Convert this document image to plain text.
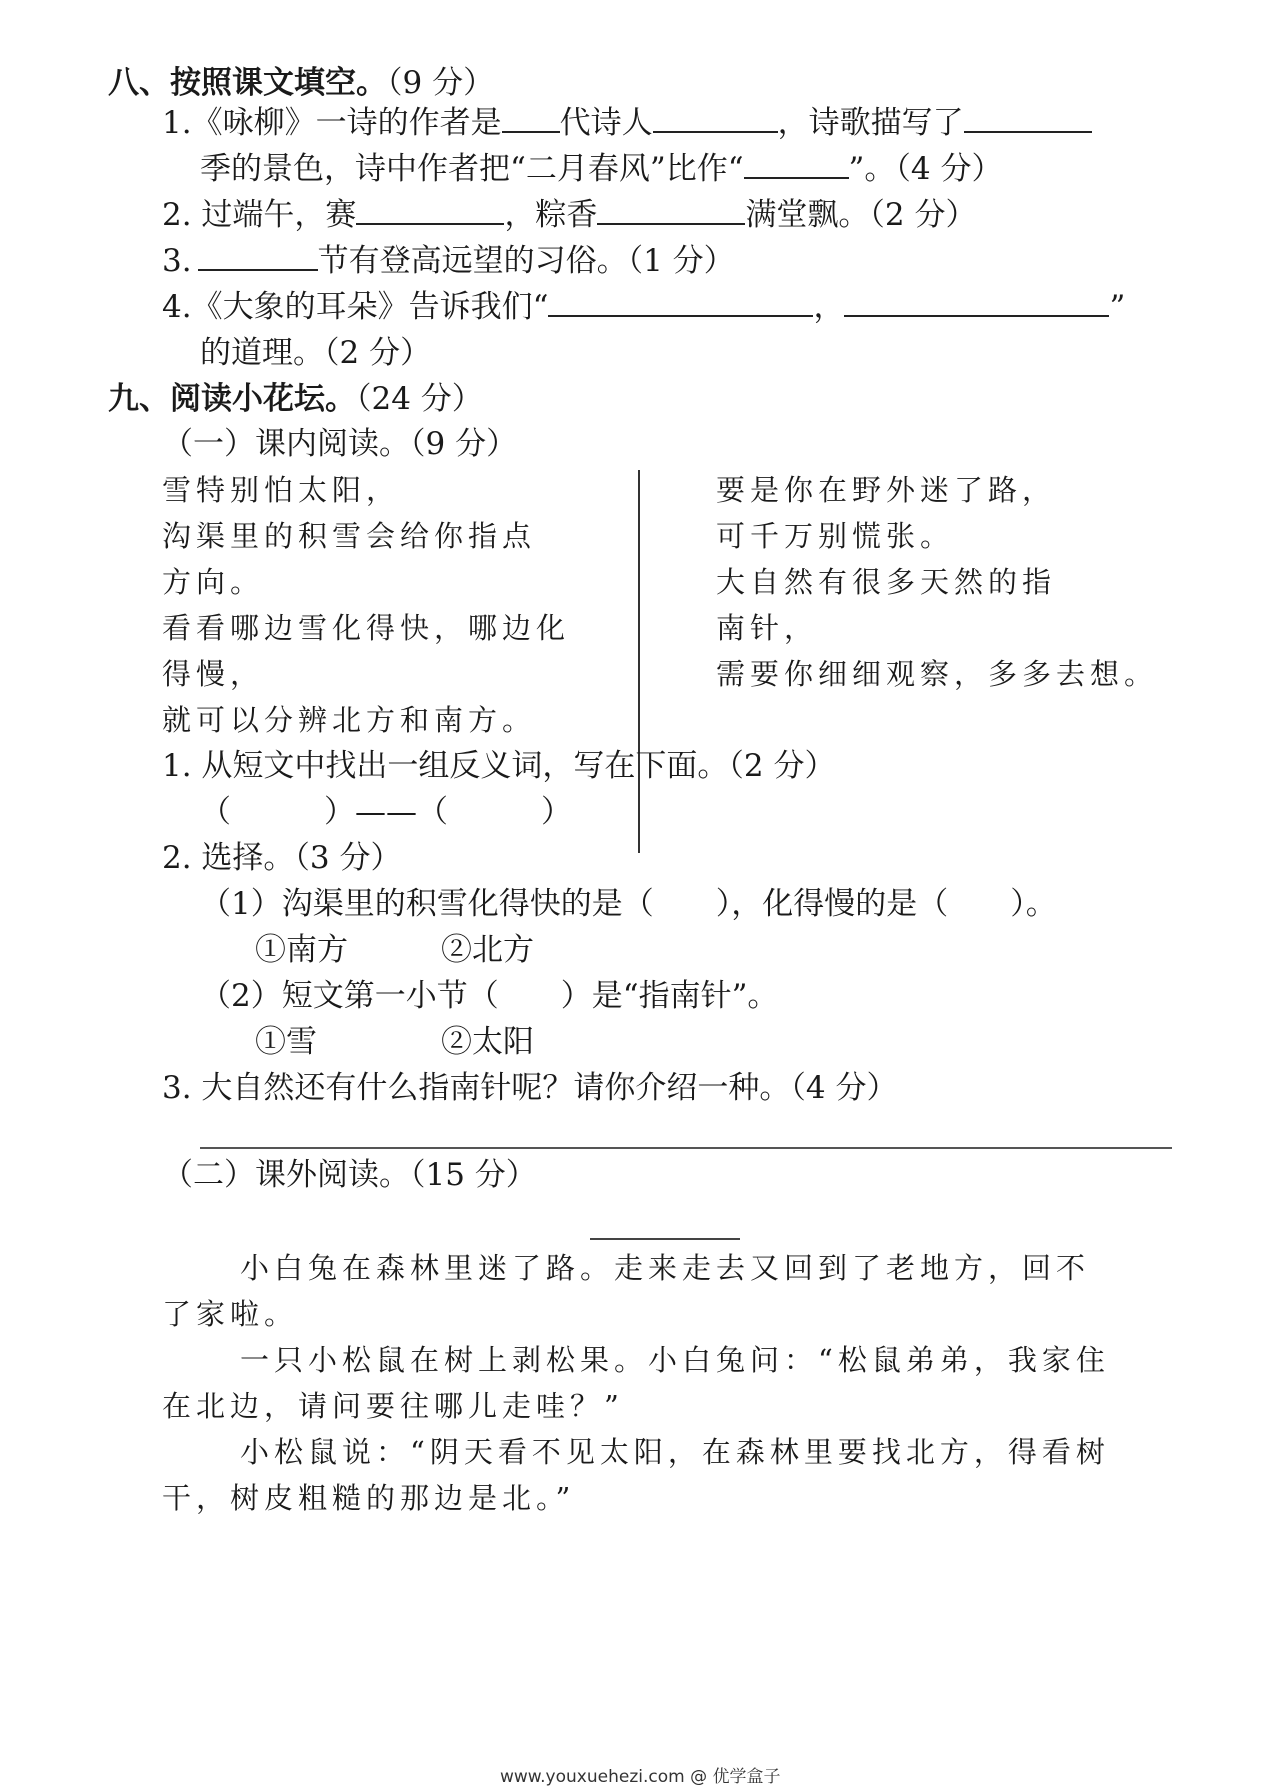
八、按照课文填空。（9 分）
1.《咏柳》一诗的作者是 代诗人	，诗歌描写了
季的景色，诗中作者把“二月春风”比作“	”。（4 分）
2. 过端午，赛	，粽香	满堂飘。（2 分）
3.	节有登高远望的习俗。（1 分）
4.《大象的耳朵》告诉我们“	，	”
的道理。（2 分）
九、阅读小花坛。（24 分）
（一）课内阅读。（9 分）
雪特别怕太阳，
沟渠里的积雪会给你指点
方向。
看看哪边雪化得快，哪边化
得慢，
就可以分辨北方和南方。
要是你在野外迷了路，
可千万别慌张。
大自然有很多天然的指
南针，
需要你细细观察，多多去想。
1. 从短文中找出一组反义词，写在下面。（2 分）
（　　　）——（　　　）
2. 选择。（3 分）
（1）沟渠里的积雪化得快的是（　　），化得慢的是（　　）。
①南方　　　②北方
（2）短文第一小节（　　）是“指南针”。
①雪　　　　②太阳
3. 大自然还有什么指南针呢？请你介绍一种。（4 分）
（二）课外阅读。（15 分）
小白兔在森林里迷了路。走来走去又回到了老地方，回不
了家啦。
一只小松鼠在树上剥松果。小白兔问：“松鼠弟弟，我家住
在北边，请问要往哪儿走哇？”
小松鼠说：“阴天看不见太阳，在森林里要找北方，得看树
干，树皮粗糙的那边是北。”
www.youxuehezi.com @ 优学盒子
